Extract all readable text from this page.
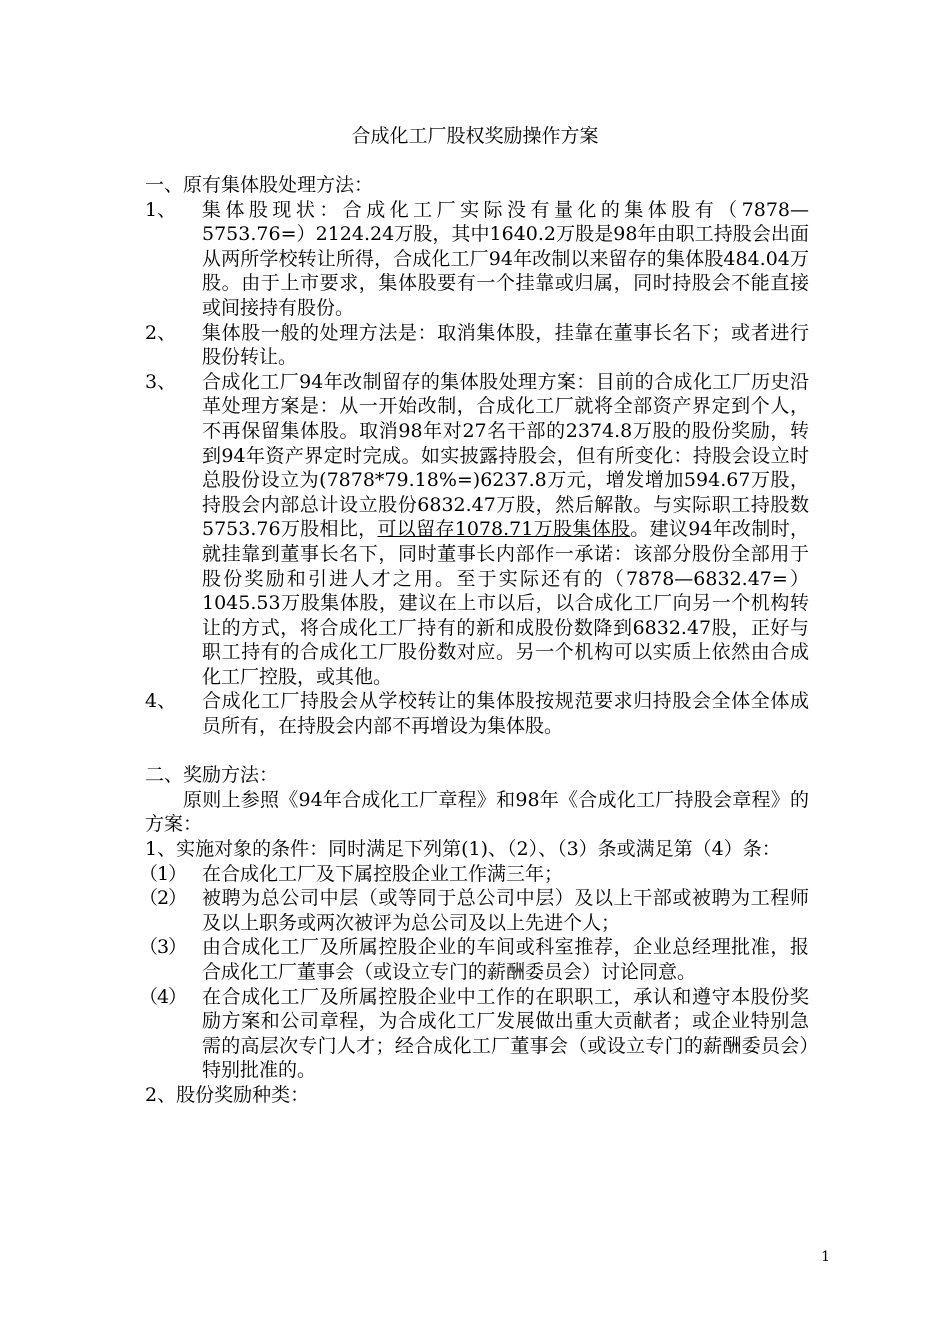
合成化工厂股权奖励操作方案

一、原有集体股处理方法：

1、	集体股现状：合成化工厂实际没有量化的集体股有（7878—5753.76=）2124.24万股，其中1640.2万股是98年由职工持股会出面从两所学校转让所得，合成化工厂94年改制以来留存的集体股484.04万股。由于上市要求，集体股要有一个挂靠或归属，同时持股会不能直接或间接持有股份。
2、	集体股一般的处理方法是：取消集体股，挂靠在董事长名下；或者进行股份转让。
3、	合成化工厂94年改制留存的集体股处理方案：目前的合成化工厂历史沿革处理方案是：从一开始改制，合成化工厂就将全部资产界定到个人，不再保留集体股。取消98年对27名干部的2374.8万股的股份奖励，转到94年资产界定时完成。如实披露持股会，但有所变化：持股会设立时总股份设立为(7878*79.18%=)6237.8万元，增发增加594.67万股，持股会内部总计设立股份6832.47万股，然后解散。与实际职工持股数5753.76万股相比，可以留存1078.71万股集体股。建议94年改制时，就挂靠到董事长名下，同时董事长内部作一承诺：该部分股份全部用于股份奖励和引进人才之用。至于实际还有的（7878—6832.47=）1045.53万股集体股，建议在上市以后，以合成化工厂向另一个机构转让的方式，将合成化工厂持有的新和成股份数降到6832.47股，正好与职工持有的合成化工厂股份数对应。另一个机构可以实质上依然由合成化工厂控股，或其他。
4、	合成化工厂持股会从学校转让的集体股按规范要求归持股会全体全体成员所有，在持股会内部不再增设为集体股。

二、奖励方法：

原则上参照《94年合成化工厂章程》和98年《合成化工厂持股会章程》的方案：

1、实施对象的条件：同时满足下列第(1)、（2）、（3）条或满足第（4）条：

（1） 在合成化工厂及下属控股企业工作满三年；
（2） 被聘为总公司中层（或等同于总公司中层）及以上干部或被聘为工程师及以上职务或两次被评为总公司及以上先进个人；
（3） 由合成化工厂及所属控股企业的车间或科室推荐，企业总经理批准，报合成化工厂董事会（或设立专门的薪酬委员会）讨论同意。
（4） 在合成化工厂及所属控股企业中工作的在职职工，承认和遵守本股份奖励方案和公司章程，为合成化工厂发展做出重大贡献者；或企业特别急需的高层次专门人才；经合成化工厂董事会（或设立专门的薪酬委员会）特别批准的。

2、股份奖励种类：

1
